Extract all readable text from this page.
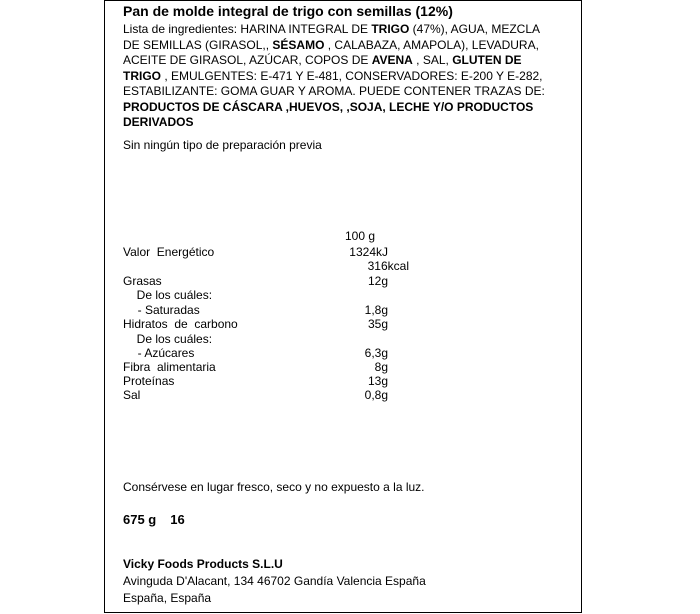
Pan de molde integral de trigo con semillas (12%)
Lista de ingredientes: HARINA INTEGRAL DE TRIGO (47%), AGUA, MEZCLA
DE SEMILLAS (GIRASOL,, SÉSAMO , CALABAZA, AMAPOLA), LEVADURA,
ACEITE DE GIRASOL, AZÚCAR, COPOS DE AVENA , SAL, GLUTEN DE
TRIGO , EMULGENTES: E-471 Y E-481, CONSERVADORES: E-200 Y E-282,
ESTABILIZANTE: GOMA GUAR Y AROMA. PUEDE CONTENER TRAZAS DE:
PRODUCTOS DE CÁSCARA ,HUEVOS, ,SOJA, LECHE Y/O PRODUCTOS
DERIVADOS
Sin ningún tipo de preparación previa
100 g
Valor  Energético	1324kJ
316kcal
Grasas	12g
De los cuáles:
- Saturadas	1,8g
Hidratos  de  carbono	35g
De los cuáles:
- Azúcares	6,3g
Fibra  alimentaria	8g
Proteínas	13g
Sal	0,8g
Consérvese en lugar fresco, seco y no expuesto a la luz.
675 g 16
Vicky Foods Products S.L.U
Avinguda D'Alacant, 134 46702 Gandía Valencia España
España, España
